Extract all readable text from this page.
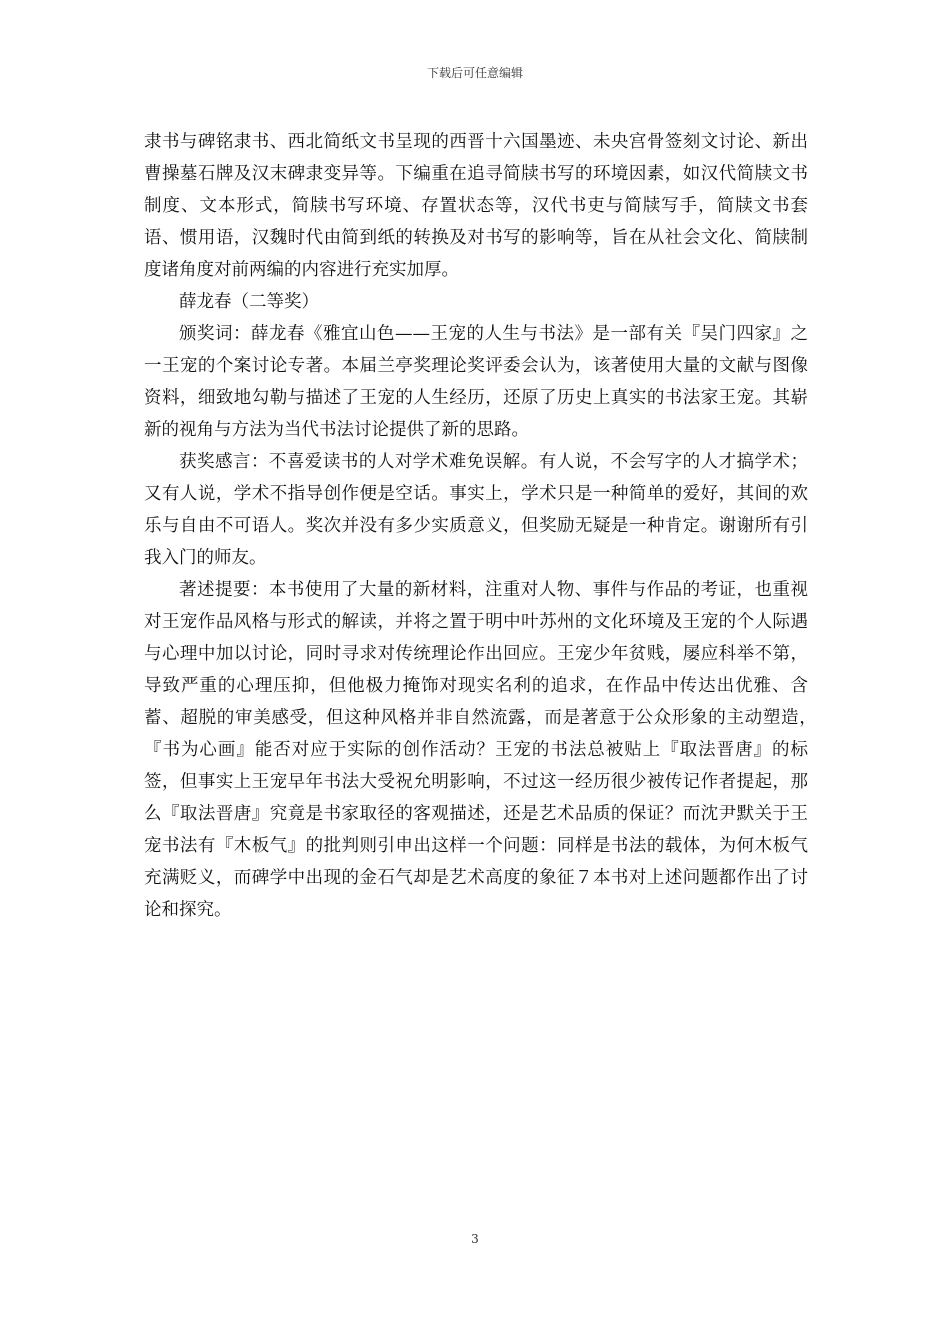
下载后可任意编辑

隶书与碑铭隶书、西北简纸文书呈现的西晋十六国墨迹、未央宫骨签刻文讨论、新出曹操墓石牌及汉末碑隶变异等。下编重在追寻简牍书写的环境因素，如汉代简牍文书制度、文本形式，简牍书写环境、存置状态等，汉代书吏与简牍写手，简牍文书套语、惯用语，汉魏时代由简到纸的转换及对书写的影响等，旨在从社会文化、简牍制度诸角度对前两编的内容进行充实加厚。

薛龙春（二等奖）

颁奖词：薛龙春《雅宜山色——王宠的人生与书法》是一部有关『吴门四家』之一王宠的个案讨论专著。本届兰亭奖理论奖评委会认为，该著使用大量的文献与图像资料，细致地勾勒与描述了王宠的人生经历，还原了历史上真实的书法家王宠。其崭新的视角与方法为当代书法讨论提供了新的思路。

获奖感言：不喜爱读书的人对学术难免误解。有人说，不会写字的人才搞学术；又有人说，学术不指导创作便是空话。事实上，学术只是一种简单的爱好，其间的欢乐与自由不可语人。奖次并没有多少实质意义，但奖励无疑是一种肯定。谢谢所有引我入门的师友。

著述提要：本书使用了大量的新材料，注重对人物、事件与作品的考证，也重视对王宠作品风格与形式的解读，并将之置于明中叶苏州的文化环境及王宠的个人际遇与心理中加以讨论，同时寻求对传统理论作出回应。王宠少年贫贱，屡应科举不第，导致严重的心理压抑，但他极力掩饰对现实名利的追求，在作品中传达出优雅、含蓄、超脱的审美感受，但这种风格并非自然流露，而是著意于公众形象的主动塑造，　『书为心画』能否对应于实际的创作活动？王宠的书法总被贴上『取法晋唐』的标签，但事实上王宠早年书法大受祝允明影响，不过这一经历很少被传记作者提起，那么『取法晋唐』究竟是书家取径的客观描述，还是艺术品质的保证？而沈尹默关于王宠书法有『木板气』的批判则引申出这样一个问题：同样是书法的载体，为何木板气充满贬义，而碑学中出现的金石气却是艺术高度的象征７本书对上述问题都作出了讨论和探究。

3
